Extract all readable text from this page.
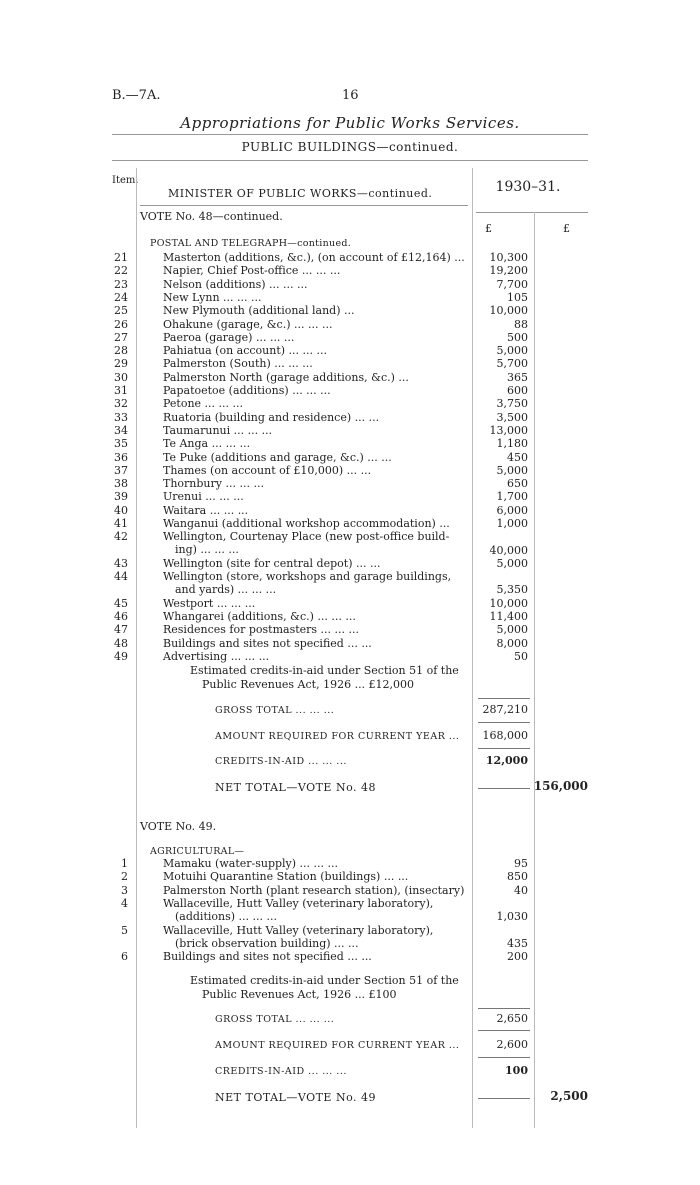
B.—7A.	16
Appropriations for Public Works Services.
PUBLIC BUILDINGS—continued.
Item.
MINISTER OF PUBLIC WORKS—continued.	1930–31.
£	£
VOTE No. 48—continued.
POSTAL AND TELEGRAPH—continued.
21	Masterton (additions, &c.), (on account of £12,164) ...	10,300
22	Napier, Chief Post-office ... ... ...	19,200
23	Nelson (additions) ... ... ...	7,700
24	New Lynn ... ... ...	105
25	New Plymouth (additional land) ...	10,000
26	Ohakune (garage, &c.) ... ... ...	88
27	Paeroa (garage) ... ... ...	500
28	Pahiatua (on account) ... ... ...	5,000
29	Palmerston (South) ... ... ...	5,700
30	Palmerston North (garage additions, &c.) ...	365
31	Papatoetoe (additions) ... ... ...	600
32	Petone ... ... ...	3,750
33	Ruatoria (building and residence) ... ...	3,500
34	Taumarunui ... ... ...	13,000
35	Te Anga ... ... ...	1,180
36	Te Puke (additions and garage, &c.) ... ...	450
37	Thames (on account of £10,000) ... ...	5,000
38	Thornbury ... ... ...	650
39	Urenui ... ... ...	1,700
40	Waitara ... ... ...	6,000
41	Wanganui (additional workshop accommodation) ...	1,000
42	Wellington, Courtenay Place (new post-office build-
ing) ... ... ...	40,000
43	Wellington (site for central depot) ... ...	5,000
44	Wellington (store, workshops and garage buildings,
and yards) ... ... ...	5,350
45	Westport ... ... ...	10,000
46	Whangarei (additions, &c.) ... ... ...	11,400
47	Residences for postmasters ... ... ...	5,000
48	Buildings and sites not specified ... ...	8,000
49	Advertising ... ... ...	50
Estimated credits-in-aid under Section 51 of the
Public Revenues Act, 1926 ... £12,000
GROSS TOTAL ... ... ...	287,210
AMOUNT REQUIRED FOR CURRENT YEAR ... 168,000
CREDITS-IN-AID ... ... ...	12,000
NET TOTAL—VOTE No. 48	156,000
VOTE No. 49.
AGRICULTURAL—
1	Mamaku (water-supply) ... ... ...	95
2	Motuihi Quarantine Station (buildings) ... ...	850
3	Palmerston North (plant research station), (insectary)	40
4	Wallaceville, Hutt Valley (veterinary laboratory),
(additions) ... ... ...	1,030
5	Wallaceville, Hutt Valley (veterinary laboratory),
(brick observation building) ... ...	435
6	Buildings and sites not specified ... ...	200
Estimated credits-in-aid under Section 51 of the
Public Revenues Act, 1926 ... £100
GROSS TOTAL ... ... ...	2,650
AMOUNT REQUIRED FOR CURRENT YEAR ...	2,600
CREDITS-IN-AID ... ... ...	100
NET TOTAL—VOTE No. 49	2,500
